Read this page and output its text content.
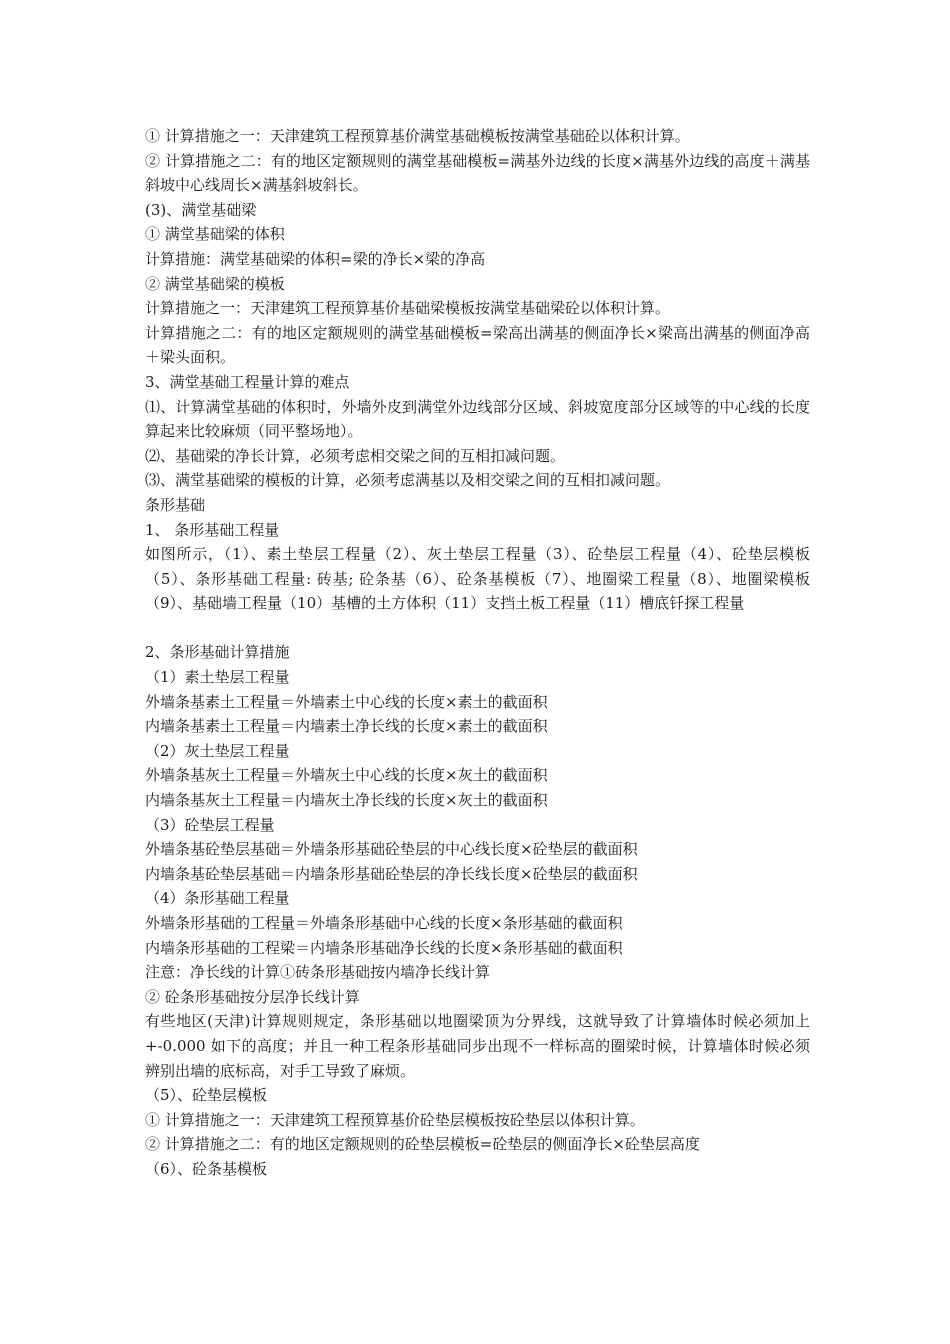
① 计算措施之一：天津建筑工程预算基价满堂基础模板按满堂基础砼以体积计算。

② 计算措施之二：有的地区定额规则的满堂基础模板=满基外边线的长度×满基外边线的高度＋满基斜坡中心线周长×满基斜坡斜长。

(3)、满堂基础梁

① 满堂基础梁的体积

计算措施：满堂基础梁的体积=梁的净长×梁的净高

② 满堂基础梁的模板

计算措施之一：天津建筑工程预算基价基础梁模板按满堂基础梁砼以体积计算。

计算措施之二：有的地区定额规则的满堂基础模板=梁高出满基的侧面净长×梁高出满基的侧面净高＋梁头面积。

3、满堂基础工程量计算的难点

⑴、计算满堂基础的体积时，外墙外皮到满堂外边线部分区域、斜坡宽度部分区域等的中心线的长度算起来比较麻烦（同平整场地）。

⑵、基础梁的净长计算，必须考虑相交梁之间的互相扣减问题。

⑶、满堂基础梁的模板的计算，必须考虑满基以及相交梁之间的互相扣减问题。

条形基础

1、 条形基础工程量

如图所示，（1）、素土垫层工程量（2）、灰土垫层工程量（3）、砼垫层工程量（4）、砼垫层模板（5）、条形基础工程量: 砖基; 砼条基（6）、砼条基模板（7）、地圈梁工程量（8）、地圈梁模板（9）、基础墙工程量（10）基槽的土方体积（11）支挡土板工程量（11）槽底钎探工程量

2、条形基础计算措施

（1）素土垫层工程量

外墙条基素土工程量＝外墙素土中心线的长度×素土的截面积

内墙条基素土工程量＝内墙素土净长线的长度×素土的截面积

（2）灰土垫层工程量

外墙条基灰土工程量＝外墙灰土中心线的长度×灰土的截面积

内墙条基灰土工程量＝内墙灰土净长线的长度×灰土的截面积

（3）砼垫层工程量

外墙条基砼垫层基础＝外墙条形基础砼垫层的中心线长度×砼垫层的截面积

内墙条基砼垫层基础＝内墙条形基础砼垫层的净长线长度×砼垫层的截面积

（4）条形基础工程量

外墙条形基础的工程量＝外墙条形基础中心线的长度×条形基础的截面积

内墙条形基础的工程梁＝内墙条形基础净长线的长度×条形基础的截面积

注意：净长线的计算①砖条形基础按内墙净长线计算

② 砼条形基础按分层净长线计算

有些地区(天津)计算规则规定，条形基础以地圈梁顶为分界线，这就导致了计算墙体时候必须加上+-0.000 如下的高度；并且一种工程条形基础同步出现不一样标高的圈梁时候，计算墙体时候必须辨别出墙的底标高，对手工导致了麻烦。

（5）、砼垫层模板

① 计算措施之一：天津建筑工程预算基价砼垫层模板按砼垫层以体积计算。

② 计算措施之二：有的地区定额规则的砼垫层模板=砼垫层的侧面净长×砼垫层高度

（6）、砼条基模板
